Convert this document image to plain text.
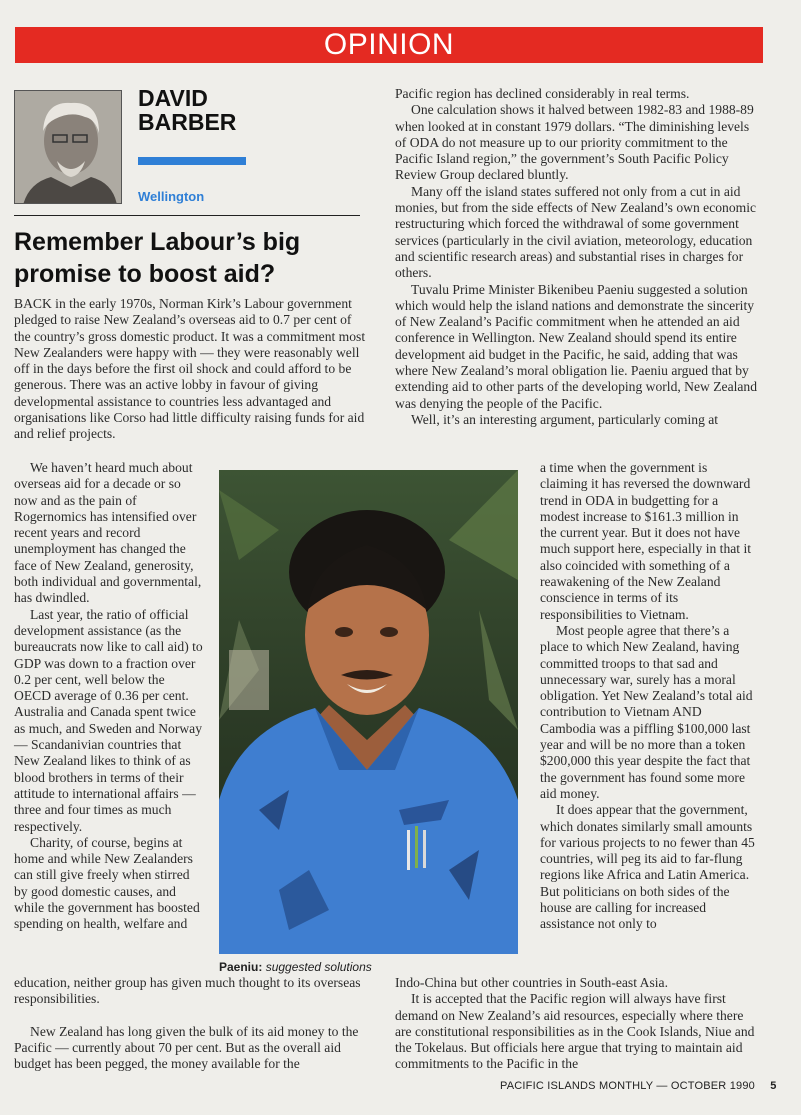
OPINION
DAVID
BARBER
Wellington
Remember Labour’s big promise to boost aid?

BACK in the early 1970s, Norman Kirk’s Labour government pledged to raise New Zealand’s overseas aid to 0.7 per cent of the country’s gross domestic product. It was a commitment most New Zealanders were happy with — they were reasonably well off in the days before the first oil shock and could afford to be generous. There was an active lobby in favour of giving developmental assistance to countries less advantaged and organisations like Corso had little difficulty raising funds for aid and relief projects.

We haven’t heard much about overseas aid for a decade or so now and as the pain of Rogernomics has intensified over recent years and record unemployment has changed the face of New Zealand, generosity, both individual and governmental, has dwindled.

Last year, the ratio of official development assistance (as the bureaucrats now like to call aid) to GDP was down to a fraction over 0.2 per cent, well below the OECD average of 0.36 per cent. Australia and Canada spent twice as much, and Sweden and Norway — Scandanivian countries that New Zealand likes to think of as blood brothers in terms of their attitude to international affairs — three and four times as much respectively.

Charity, of course, begins at home and while New Zealanders can still give freely when stirred by good domestic causes, and while the government has boosted spending on health, welfare and

education, neither group has given much thought to its overseas responsibilities.

New Zealand has long given the bulk of its aid money to the Pacific — currently about 70 per cent. But as the overall aid budget has been pegged, the money available for the

Pacific region has declined considerably in real terms.

One calculation shows it halved between 1982-83 and 1988-89 when looked at in constant 1979 dollars. “The diminishing levels of ODA do not measure up to our priority commitment to the Pacific Island region,” the government’s South Pacific Policy Review Group declared bluntly.

Many off the island states suffered not only from a cut in aid monies, but from the side effects of New Zealand’s own economic restructuring which forced the withdrawal of some government services (particularly in the civil aviation, meteorology, education and scientific research areas) and substantial rises in charges for others.

Tuvalu Prime Minister Bikenibeu Paeniu suggested a solution which would help the island nations and demonstrate the sincerity of New Zealand’s Pacific commitment when he attended an aid conference in Wellington. New Zealand should spend its entire development aid budget in the Pacific, he said, adding that was where New Zealand’s moral obligation lie. Paeniu argued that by extending aid to other parts of the developing world, New Zealand was denying the people of the Pacific.

Well, it’s an interesting argument, particularly coming at

Paeniu: suggested solutions

a time when the government is claiming it has reversed the downward trend in ODA in budgetting for a modest increase to $161.3 million in the current year. But it does not have much support here, especially in that it also coincided with something of a reawakening of the New Zealand conscience in terms of its responsibilities to Vietnam.

Most people agree that there’s a place to which New Zealand, having committed troops to that sad and unnecessary war, surely has a moral obligation. Yet New Zealand’s total aid contribution to Vietnam AND Cambodia was a piffling $100,000 last year and will be no more than a token $200,000 this year despite the fact that the government has found some more aid money.

It does appear that the government, which donates similarly small amounts for various projects to no fewer than 45 countries, will peg its aid to far-flung regions like Africa and Latin America. But politicians on both sides of the house are calling for increased assistance not only to

Indo-China but other countries in South-east Asia.

It is accepted that the Pacific region will always have first demand on New Zealand’s aid resources, especially where there are constitutional responsibilities as in the Cook Islands, Niue and the Tokelaus. But officials here argue that trying to maintain aid commitments to the Pacific in the

PACIFIC ISLANDS MONTHLY — OCTOBER 1990 5
